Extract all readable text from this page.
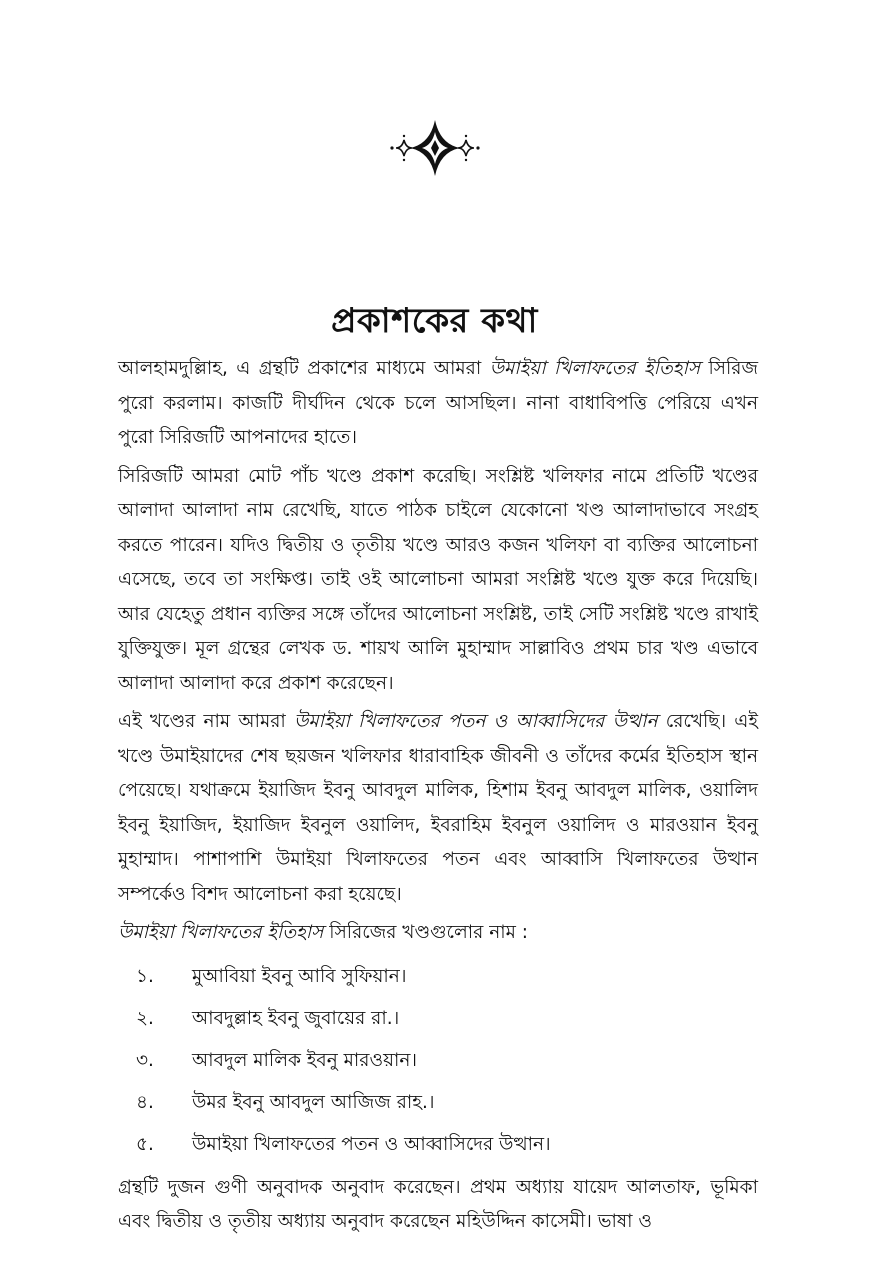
প্রকাশকের কথা

আলহামদুল্লিাহ, এ গ্রন্থটি প্রকাশের মাধ্যমে আমরা উমাইয়া খিলাফতের ইতিহাস সিরিজ পুরো করলাম। কাজটি দীর্ঘদিন থেকে চলে আসছিল। নানা বাধাবিপত্তি পেরিয়ে এখন পুরো সিরিজটি আপনাদের হাতে।

সিরিজটি আমরা মোট পাঁচ খণ্ডে প্রকাশ করেছি। সংশ্লিষ্ট খলিফার নামে প্রতিটি খণ্ডের আলাদা আলাদা নাম রেখেছি, যাতে পাঠক চাইলে যেকোনো খণ্ড আলাদাভাবে সংগ্রহ করতে পারেন। যদিও দ্বিতীয় ও তৃতীয় খণ্ডে আরও কজন খলিফা বা ব্যক্তির আলোচনা এসেছে, তবে তা সংক্ষিপ্ত। তাই ওই আলোচনা আমরা সংশ্লিষ্ট খণ্ডে যুক্ত করে দিয়েছি। আর যেহেতু প্রধান ব্যক্তির সঙ্গে তাঁদের আলোচনা সংশ্লিষ্ট, তাই সেটি সংশ্লিষ্ট খণ্ডে রাখাই যুক্তিযুক্ত। মূল গ্রন্থের লেখক ড. শায়খ আলি মুহাম্মাদ সাল্লাবিও প্রথম চার খণ্ড এভাবে আলাদা আলাদা করে প্রকাশ করেছেন।

এই খণ্ডের নাম আমরা উমাইয়া খিলাফতের পতন ও আব্বাসিদের উত্থান রেখেছি। এই খণ্ডে উমাইয়াদের শেষ ছয়জন খলিফার ধারাবাহিক জীবনী ও তাঁদের কর্মের ইতিহাস স্থান পেয়েছে। যথাক্রমে ইয়াজিদ ইবনু আবদুল মালিক, হিশাম ইবনু আবদুল মালিক, ওয়ালিদ ইবনু ইয়াজিদ, ইয়াজিদ ইবনুল ওয়ালিদ, ইবরাহিম ইবনুল ওয়ালিদ ও মারওয়ান ইবনু মুহাম্মাদ। পাশাপাশি উমাইয়া খিলাফতের পতন এবং আব্বাসি খিলাফতের উত্থান সম্পর্কেও বিশদ আলোচনা করা হয়েছে।

উমাইয়া খিলাফতের ইতিহাস সিরিজের খণ্ডগুলোর নাম :

১.	মুআবিয়া ইবনু আবি সুফিয়ান।
২.	আবদুল্লাহ ইবনু জুবায়ের রা.।
৩.	আবদুল মালিক ইবনু মারওয়ান।
৪.	উমর ইবনু আবদুল আজিজ রাহ.।
৫.	উমাইয়া খিলাফতের পতন ও আব্বাসিদের উত্থান।

গ্রন্থটি দুজন গুণী অনুবাদক অনুবাদ করেছেন। প্রথম অধ্যায় যায়েদ আলতাফ, ভূমিকা এবং দ্বিতীয় ও তৃতীয় অধ্যায় অনুবাদ করেছেন মহিউদ্দিন কাসেমী। ভাষা ও
